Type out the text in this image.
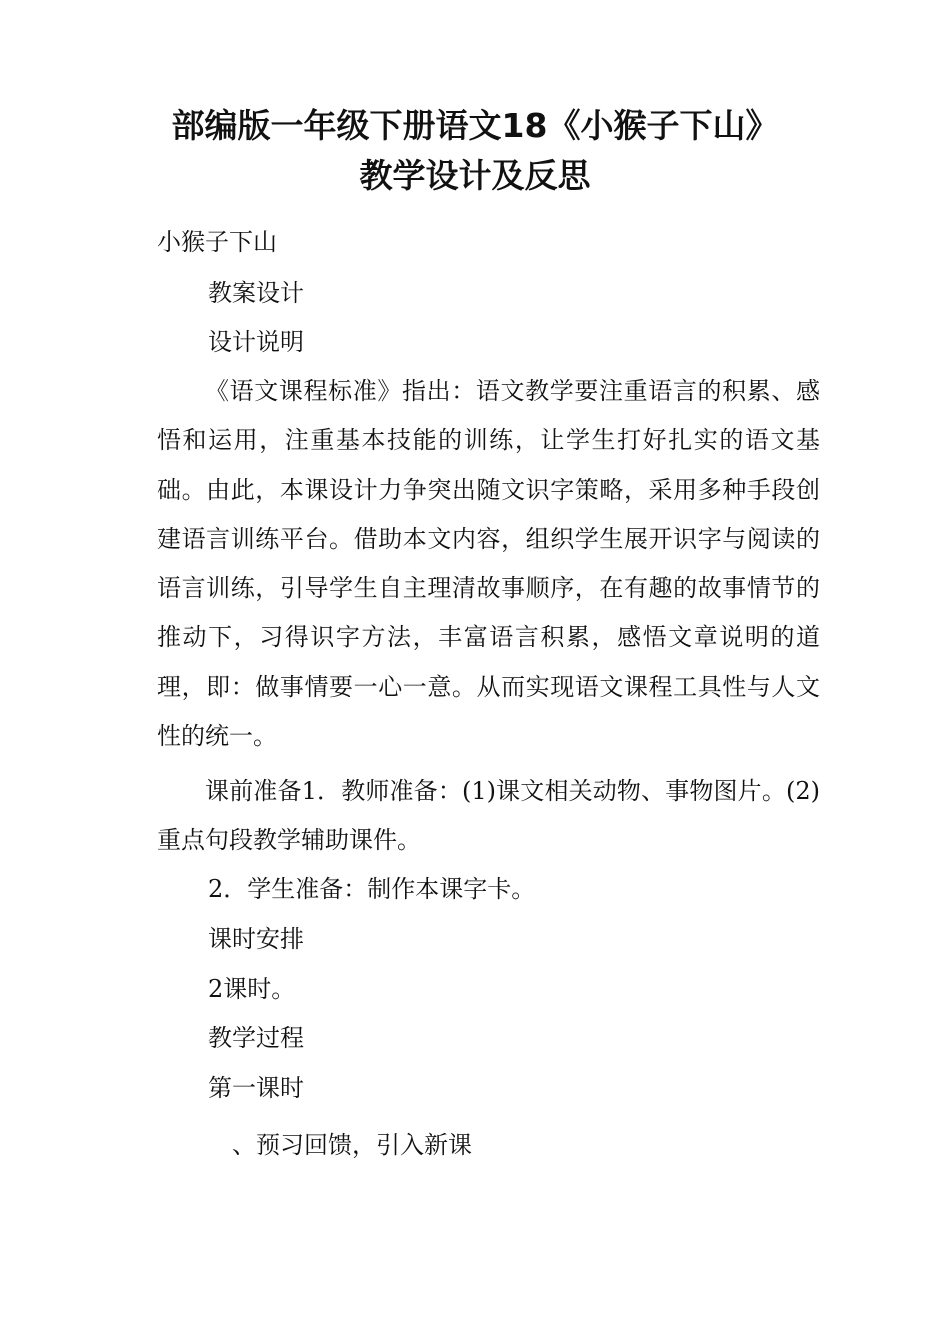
部编版一年级下册语文18《小猴子下山》
教学设计及反思
小猴子下山
教案设计
设计说明

《语文课程标准》指出：语文教学要注重语言的积累、感悟和运用，注重基本技能的训练，让学生打好扎实的语文基础。由此，本课设计力争突出随文识字策略，采用多种手段创建语言训练平台。借助本文内容，组织学生展开识字与阅读的语言训练，引导学生自主理清故事顺序，在有趣的故事情节的推动下，习得识字方法，丰富语言积累，感悟文章说明的道理，即：做事情要一心一意。从而实现语文课程工具性与人文性的统一。

课前准备1．教师准备：(1)课文相关动物、事物图片。(2)重点句段教学辅助课件。

2．学生准备：制作本课字卡。
课时安排
2课时。
教学过程
第一课时
、预习回馈，引入新课
